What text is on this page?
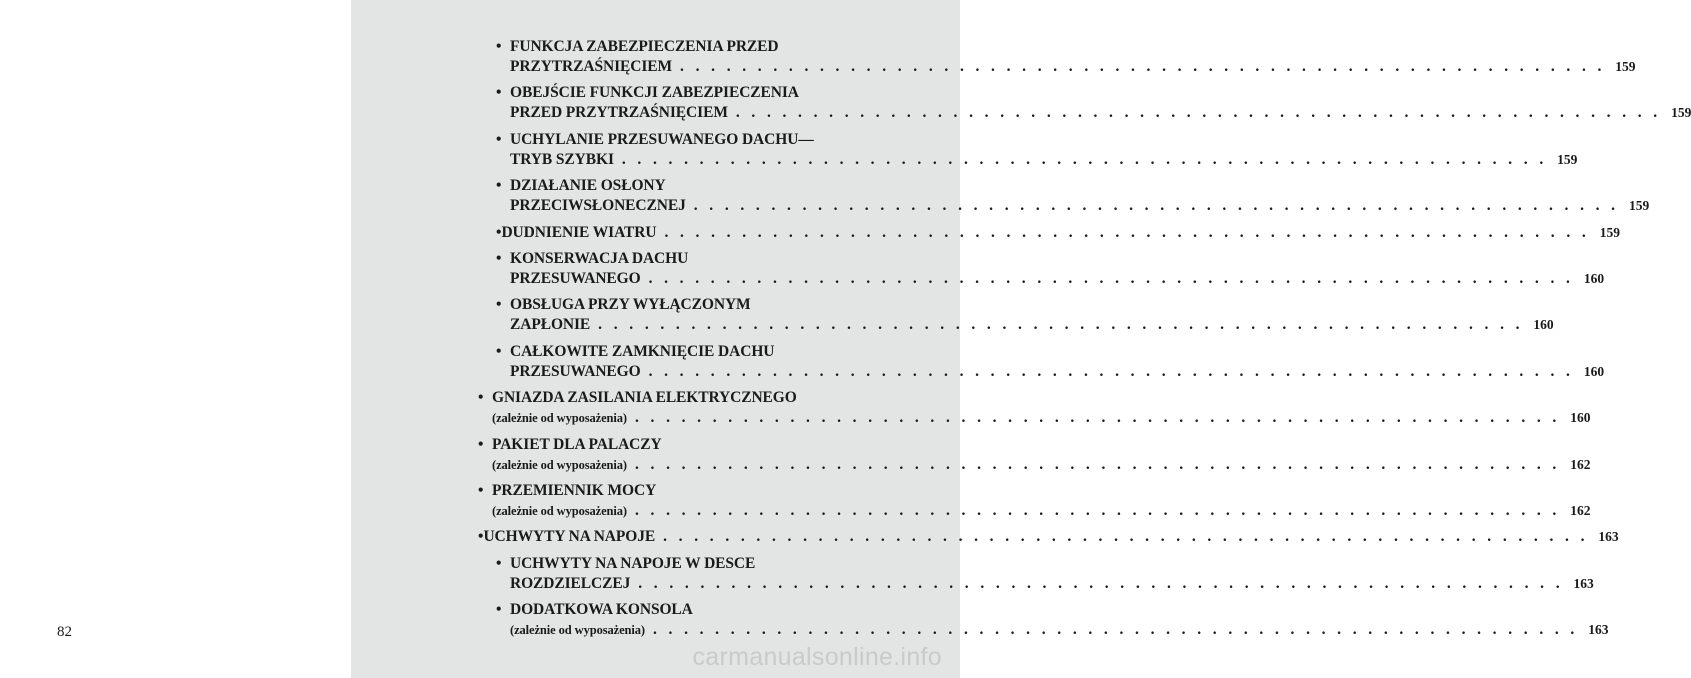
• FUNKCJA ZABEZPIECZENIA PRZED
PRZYTRZAŚNIĘCIEM . . . . . . . . . . . . . . . . . . . . . . . . . . . . . . . . . . . . . . . . . . . . . . . . . . . . . . . . . . . . 159
• OBEJŚCIE FUNKCJI ZABEZPIECZENIA
PRZED PRZYTRZAŚNIĘCIEM . . . . . . . . . . . . . . . . . . . . . . . . . . . . . . . . . . . . . . . . . . . . . . . . . . . . . . . . . . . . 159
• UCHYLANIE PRZESUWANEGO DACHU—
TRYB SZYBKI . . . . . . . . . . . . . . . . . . . . . . . . . . . . . . . . . . . . . . . . . . . . . . . . . . . . . . . . . . . . 159
• DZIAŁANIE OSŁONY
PRZECIWSŁONECZNEJ . . . . . . . . . . . . . . . . . . . . . . . . . . . . . . . . . . . . . . . . . . . . . . . . . . . . . . . . . . . . 159
• DUDNIENIE WIATRU . . . . . . . . . . . . . . . . . . . . . . . . . . . . . . . . . . . . . . . . . . . . . . . . . . . . . . . . . . . . 159
• KONSERWACJA DACHU
PRZESUWANEGO . . . . . . . . . . . . . . . . . . . . . . . . . . . . . . . . . . . . . . . . . . . . . . . . . . . . . . . . . . . . 160
• OBSŁUGA PRZY WYŁĄCZONYM
ZAPŁONIE . . . . . . . . . . . . . . . . . . . . . . . . . . . . . . . . . . . . . . . . . . . . . . . . . . . . . . . . . . . . 160
• CAŁKOWITE ZAMKNIĘCIE DACHU
PRZESUWANEGO . . . . . . . . . . . . . . . . . . . . . . . . . . . . . . . . . . . . . . . . . . . . . . . . . . . . . . . . . . . . 160
• GNIAZDA ZASILANIA ELEKTRYCZNEGO
(zależnie od wyposażenia) . . . . . . . . . . . . . . . . . . . . . . . . . . . . . . . . . . . . . . . . . . . . . . . . . . . . . . . . . . . . 160
• PAKIET DLA PALACZY
(zależnie od wyposażenia) . . . . . . . . . . . . . . . . . . . . . . . . . . . . . . . . . . . . . . . . . . . . . . . . . . . . . . . . . . . . 162
• PRZEMIENNIK MOCY
(zależnie od wyposażenia) . . . . . . . . . . . . . . . . . . . . . . . . . . . . . . . . . . . . . . . . . . . . . . . . . . . . . . . . . . . . 162
• UCHWYTY NA NAPOJE . . . . . . . . . . . . . . . . . . . . . . . . . . . . . . . . . . . . . . . . . . . . . . . . . . . . . . . . . . . . 163
• UCHWYTY NA NAPOJE W DESCE
ROZDZIELCZEJ . . . . . . . . . . . . . . . . . . . . . . . . . . . . . . . . . . . . . . . . . . . . . . . . . . . . . . . . . . . . 163
• DODATKOWA KONSOLA
(zależnie od wyposażenia) . . . . . . . . . . . . . . . . . . . . . . . . . . . . . . . . . . . . . . . . . . . . . . . . . . . . . . . . . . . . 163
82
carmanualsonline.info
